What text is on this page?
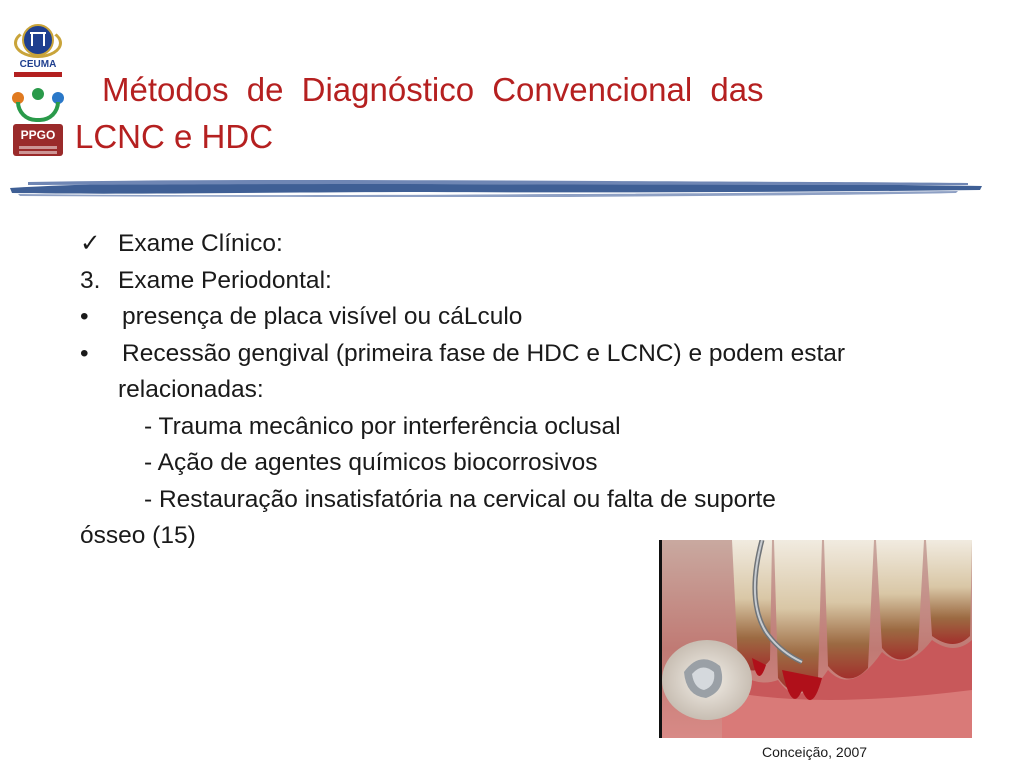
CEUMA
PPGO
Métodos de Diagnóstico Convencional das
LCNC e HDC
✓ Exame Clínico:
3. Exame Periodontal:
• presença de placa visível ou cáLculo
• Recessão gengival (primeira fase de HDC e LCNC) e podem estar
relacionadas:
- Trauma mecânico por interferência oclusal
- Ação de agentes químicos biocorrosivos
- Restauração insatisfatória na cervical ou falta de suporte
ósseo (15)
Conceição, 2007
